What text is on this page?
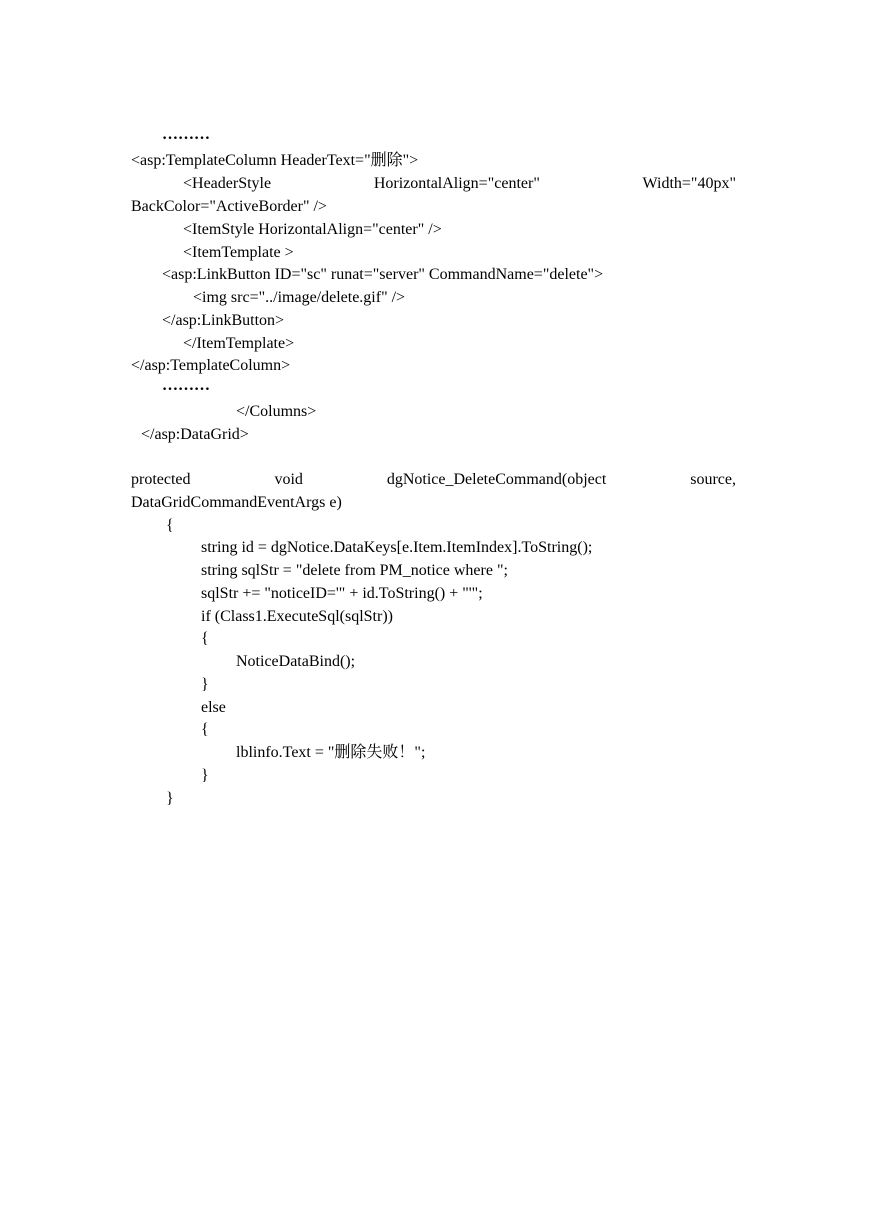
………
<asp:TemplateColumn HeaderText="删除">
<HeaderStyle	HorizontalAlign="center"	Width="40px"
BackColor="ActiveBorder" />
<ItemStyle HorizontalAlign="center" />
<ItemTemplate >
<asp:LinkButton ID="sc" runat="server" CommandName="delete">
<img src="../image/delete.gif" />
</asp:LinkButton>
</ItemTemplate>
</asp:TemplateColumn>
………
</Columns>
</asp:DataGrid>
protected	void	dgNotice_DeleteCommand(object	source,
DataGridCommandEventArgs e)
{
string id = dgNotice.DataKeys[e.Item.ItemIndex].ToString();
string sqlStr = "delete from PM_notice where ";
sqlStr += "noticeID='" + id.ToString() + "'";
if (Class1.ExecuteSql(sqlStr))
{
NoticeDataBind();
}
else
{
lblinfo.Text = "删除失败！";
}
}
